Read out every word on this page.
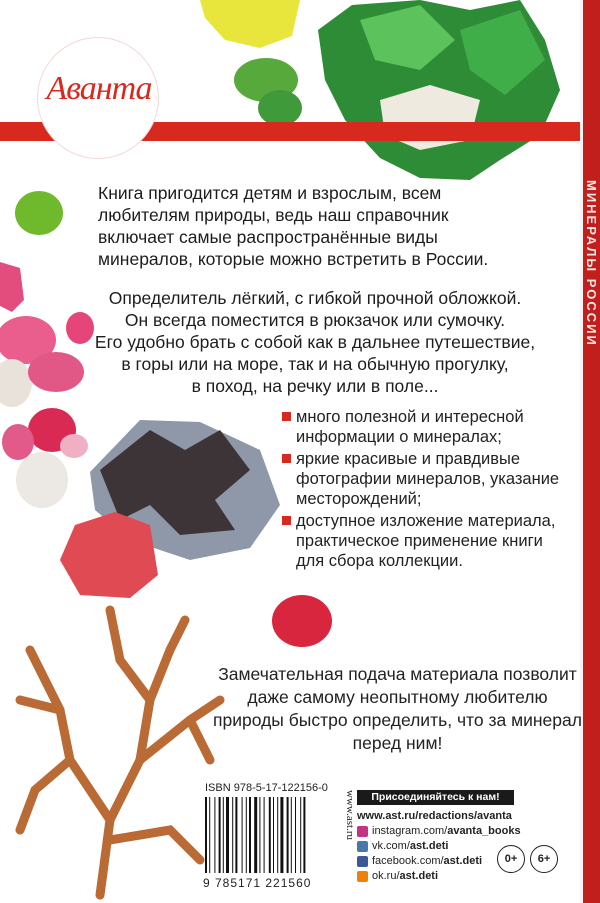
МИНЕРАЛЫ РОССИИ
Аванта
Книга пригодится детям и взрослым, всем любителям природы, ведь наш справочник включает самые распространённые виды минералов, которые можно встретить в России.
Определитель лёгкий, с гибкой прочной обложкой.
Он всегда поместится в рюкзачок или сумочку.
Его удобно брать с собой как в дальнее путешествие,
в горы или на море, так и на обычную прогулку,
в поход, на речку или в поле...
много полезной и интересной информации о минералах;
яркие красивые и правдивые фотографии минералов, указание месторождений;
доступное изложение материала, практическое применение книги для сбора коллекции.
Замечательная подача материала позволит даже самому неопытному любителю природы быстро определить, что за минерал перед ним!
ISBN 978-5-17-122156-0
9 785171 221560
www.ast.ru	Присоединяйтесь к нам!
www.ast.ru/redactions/avanta
instagram.com/ avanta_books
vk.com/ ast.deti
facebook.com/ ast.deti
ok.ru/ ast.deti
0+	6+
